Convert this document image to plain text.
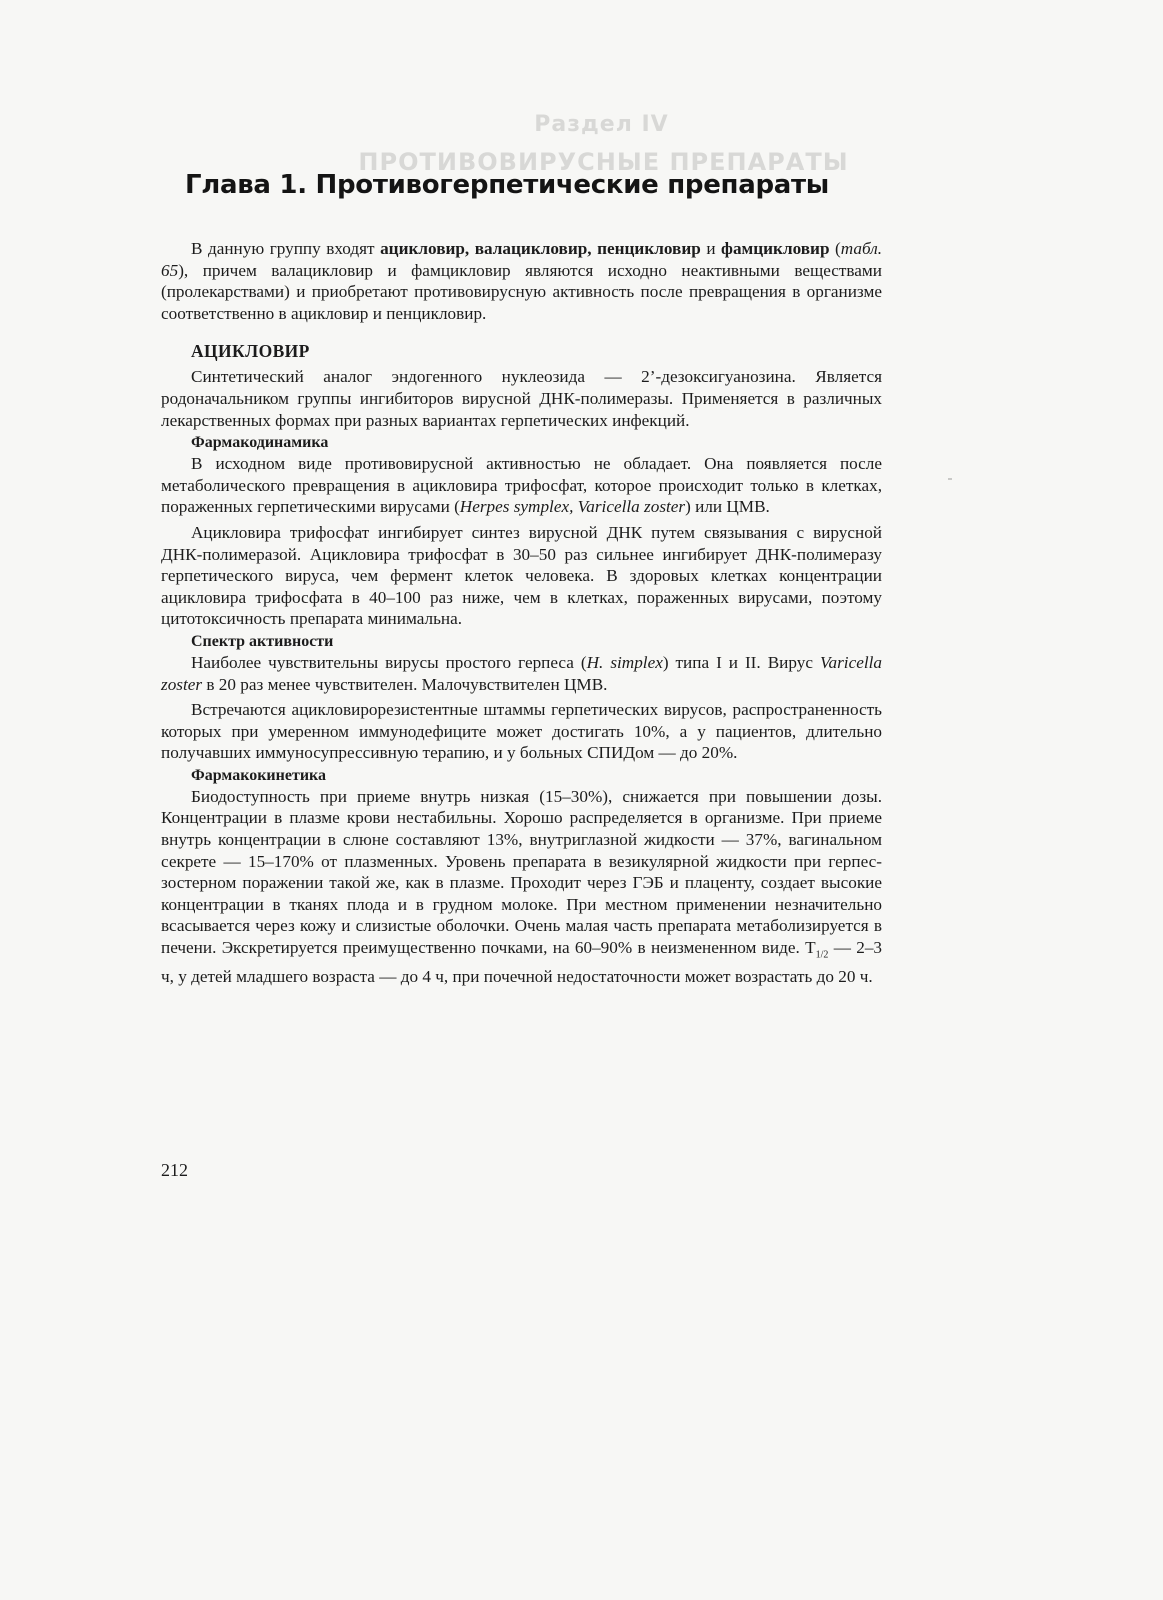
Раздел IV
ПРОТИВОВИРУСНЫЕ ПРЕПАРАТЫ
Глава 1. Противогерпетические препараты

В данную группу входят ацикловир, валацикловир, пенцикловир и фамцикловир (табл. 65), причем валацикловир и фамцикловир являются исходно неактивными веществами (пролекарствами) и приобретают противовирусную активность после превращения в организме соответственно в ацикловир и пенцикловир.

АЦИКЛОВИР

Синтетический аналог эндогенного нуклеозида — 2’-дезоксигуанозина. Является родоначальником группы ингибиторов вирусной ДНК-полимеразы. Применяется в различных лекарственных формах при разных вариантах герпетических инфекций.

Фармакодинамика

В исходном виде противовирусной активностью не обладает. Она появляется после метаболического превращения в ацикловира трифосфат, которое происходит только в клетках, пораженных герпетическими вирусами (Herpes symplex, Varicella zoster) или ЦМВ.

Ацикловира трифосфат ингибирует синтез вирусной ДНК путем связывания с вирусной ДНК-полимеразой. Ацикловира трифосфат в 30–50 раз сильнее ингибирует ДНК-полимеразу герпетического вируса, чем фермент клеток человека. В здоровых клетках концентрации ацикловира трифосфата в 40–100 раз ниже, чем в клетках, пораженных вирусами, поэтому цитотоксичность препарата минимальна.

Спектр активности

Наиболее чувствительны вирусы простого герпеса (H. simplex) типа I и II. Вирус Varicella zoster в 20 раз менее чувствителен. Малочувствителен ЦМВ.

Встречаются ацикловирорезистентные штаммы герпетических вирусов, распространенность которых при умеренном иммунодефиците может достигать 10%, а у пациентов, длительно получавших иммуносупрессивную терапию, и у больных СПИДом — до 20%.

Фармакокинетика

Биодоступность при приеме внутрь низкая (15–30%), снижается при повышении дозы. Концентрации в плазме крови нестабильны. Хорошо распределяется в организме. При приеме внутрь концентрации в слюне составляют 13%, внутриглазной жидкости — 37%, вагинальном секрете — 15–170% от плазменных. Уровень препарата в везикулярной жидкости при герпес-зостерном поражении такой же, как в плазме. Проходит через ГЭБ и плаценту, создает высокие концентрации в тканях плода и в грудном молоке. При местном применении незначительно всасывается через кожу и слизистые оболочки. Очень малая часть препарата метаболизируется в печени. Экскретируется преимущественно почками, на 60–90% в неизмененном виде. $T_{1/2}$ — 2–3 ч, у детей младшего возраста — до 4 ч, при почечной недостаточности может возрастать до 20 ч.

212
